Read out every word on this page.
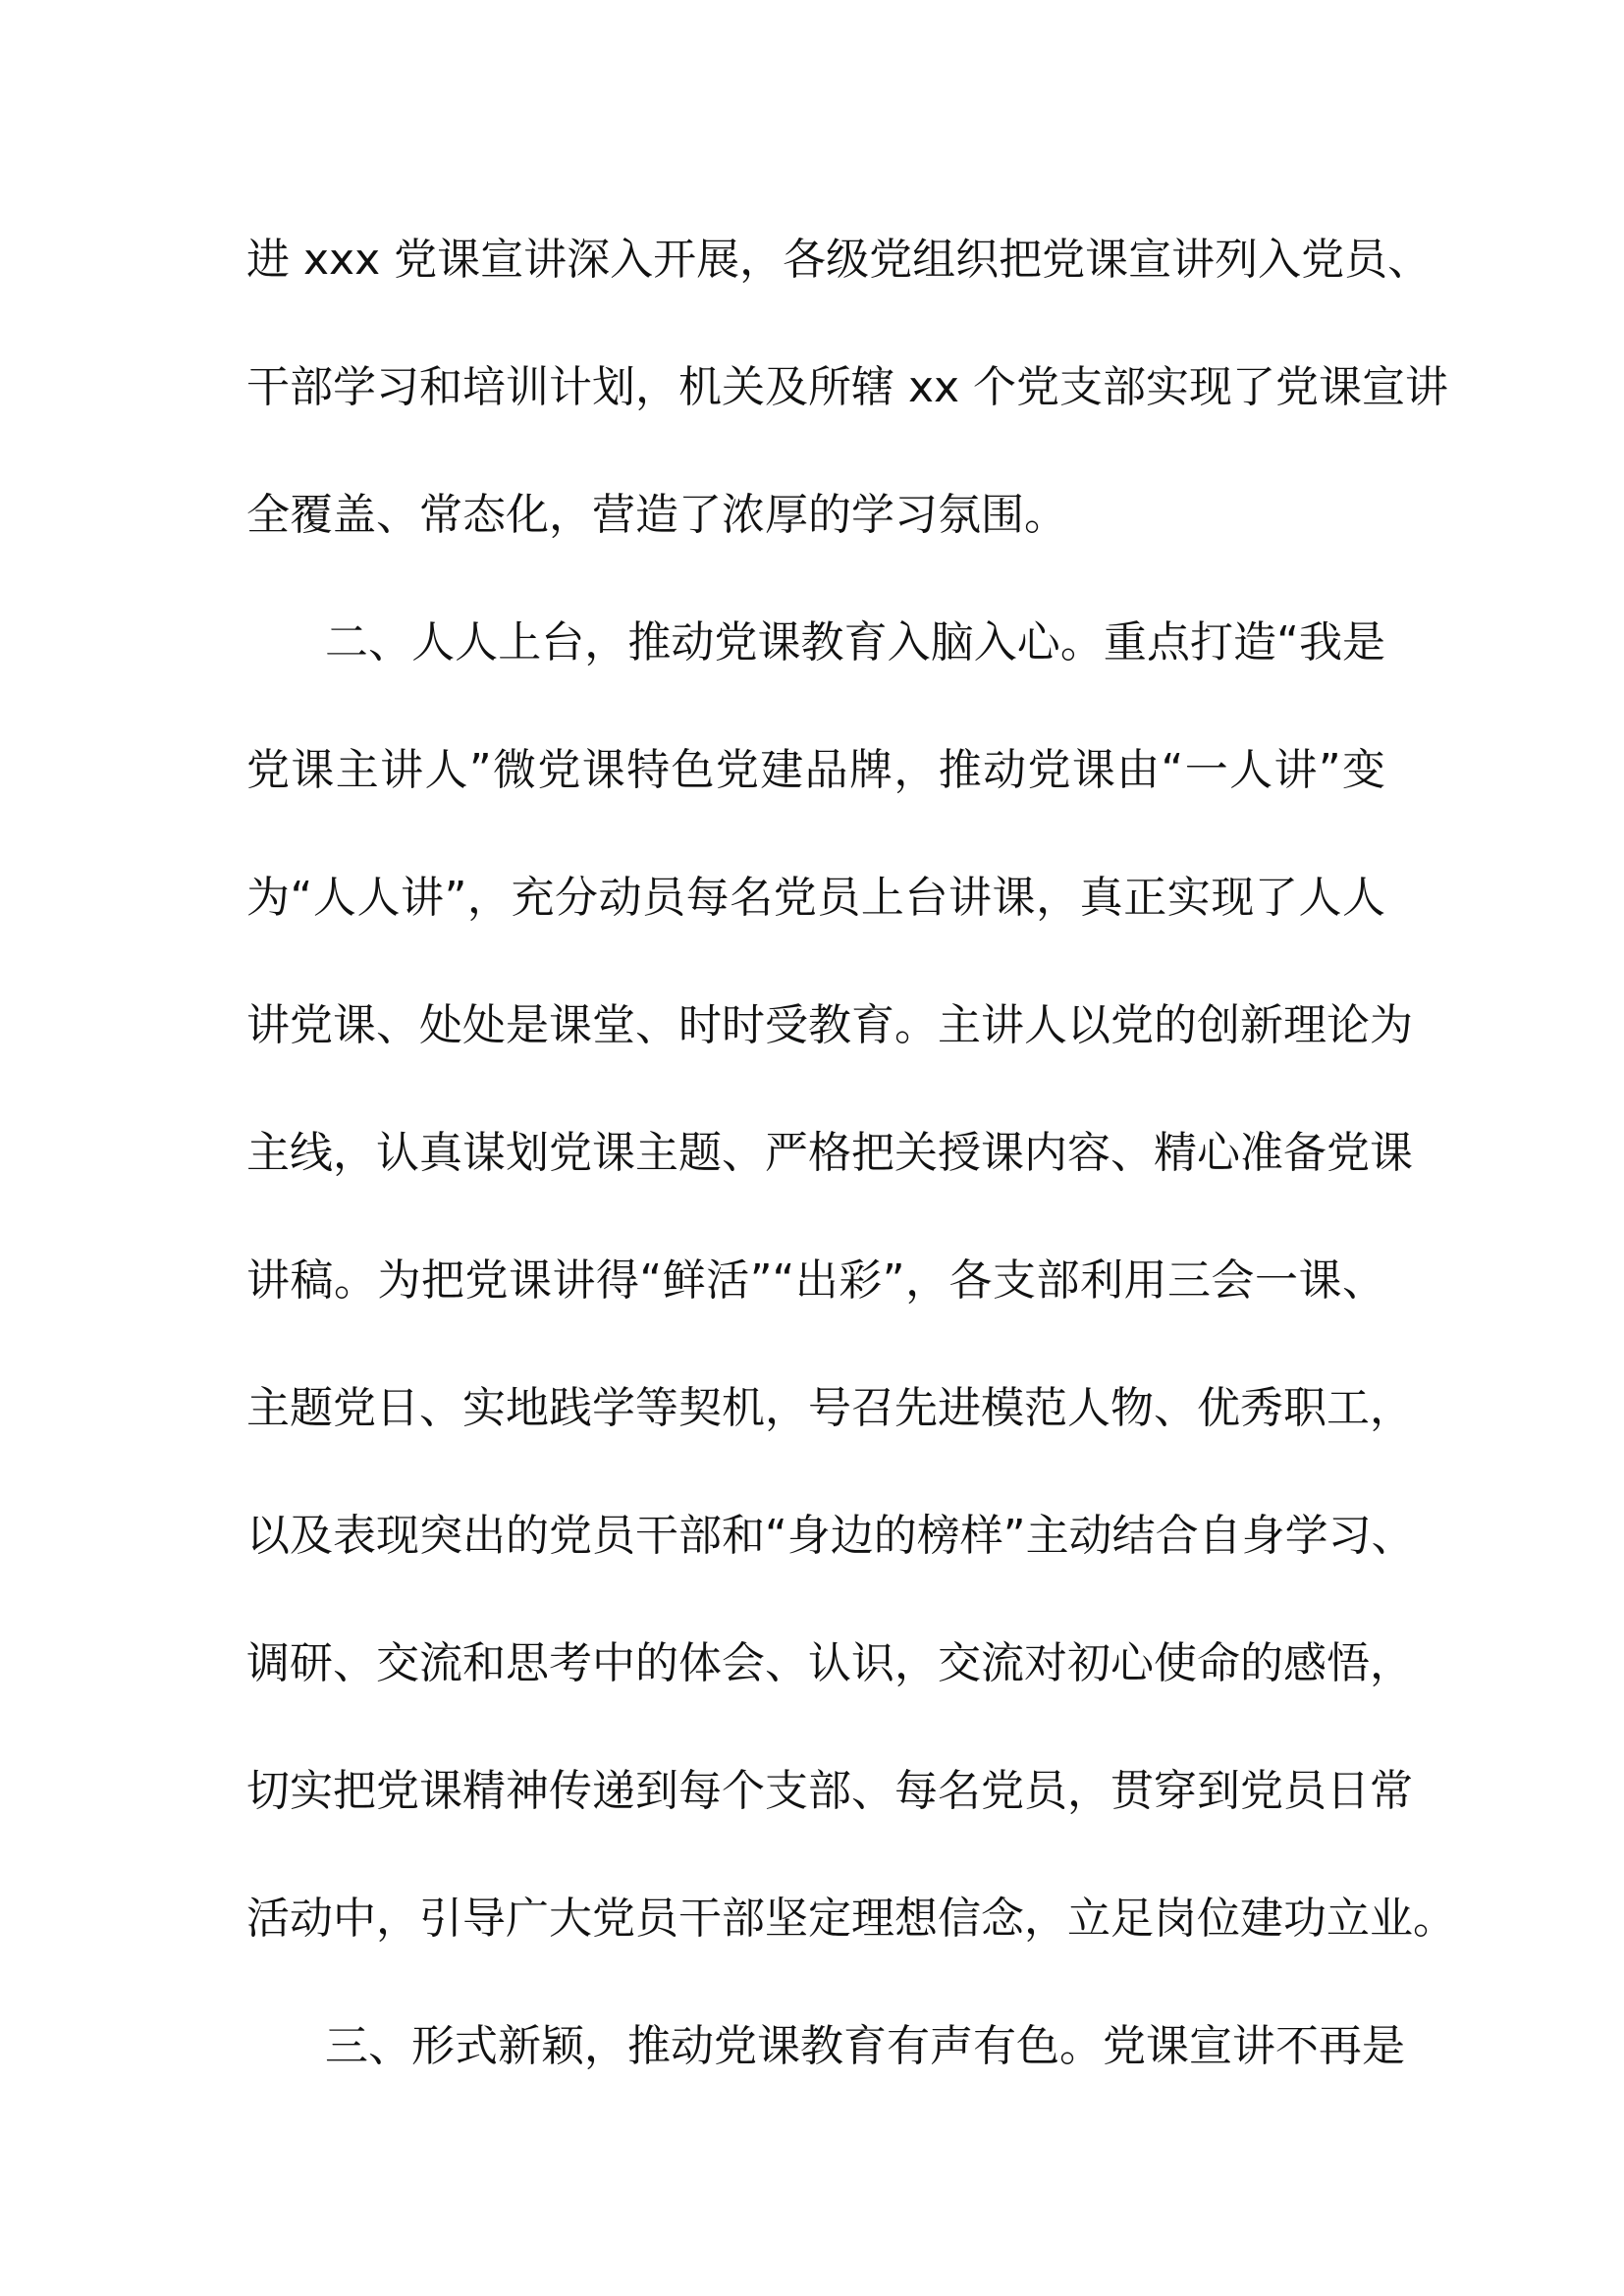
进 xxx 党课宣讲深入开展，各级党组织把党课宣讲列入党员、
干部学习和培训计划，机关及所辖 xx 个党支部实现了党课宣讲
全覆盖、常态化，营造了浓厚的学习氛围。
二、人人上台，推动党课教育入脑入心。重点打造“我是
党课主讲人”微党课特色党建品牌，推动党课由“一人讲”变
为“人人讲”，充分动员每名党员上台讲课，真正实现了人人
讲党课、处处是课堂、时时受教育。主讲人以党的创新理论为
主线，认真谋划党课主题、严格把关授课内容、精心准备党课
讲稿。为把党课讲得“鲜活”“出彩”，各支部利用三会一课、
主题党日、实地践学等契机，号召先进模范人物、优秀职工，
以及表现突出的党员干部和“身边的榜样”主动结合自身学习、
调研、交流和思考中的体会、认识，交流对初心使命的感悟，
切实把党课精神传递到每个支部、每名党员，贯穿到党员日常
活动中，引导广大党员干部坚定理想信念，立足岗位建功立业。
三、形式新颖，推动党课教育有声有色。党课宣讲不再是
